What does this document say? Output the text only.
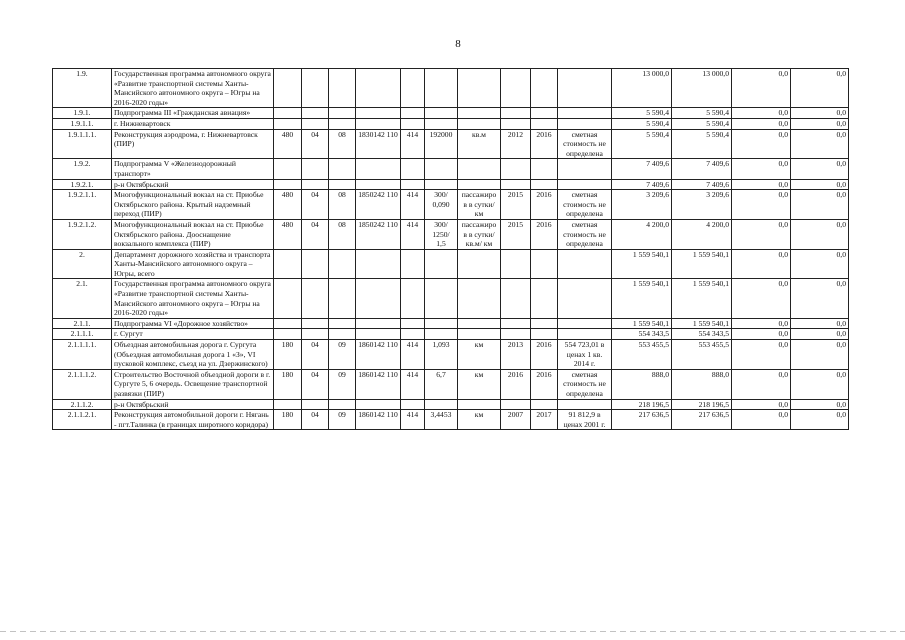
8
1.9.	Государственная программа автономного округа «Развитие транспортной системы Ханты-Мансийского автономного округа – Югры на 2016-2020 годы»											13 000,0	13 000,0	0,0	0,0
1.9.1.	Подпрограмма III «Гражданская авиация»											5 590,4	5 590,4	0,0	0,0
1.9.1.1.	г. Нижневартовск											5 590,4	5 590,4	0,0	0,0
1.9.1.1.1.	Реконструкция аэродрома, г. Нижневартовск (ПИР)	480	04	08	1830142 110	414	192000	кв.м	2012	2016	сметная стоимость не определена	5 590,4	5 590,4	0,0	0,0
1.9.2.	Подпрограмма V «Железнодорожный транспорт»											7 409,6	7 409,6	0,0	0,0
1.9.2.1.	р-н Октябрьский											7 409,6	7 409,6	0,0	0,0
1.9.2.1.1.	Многофункциональный вокзал на ст. Приобье Октябрьского района. Крытый надземный переход (ПИР)	480	04	08	1850242 110	414	300/ 0,090	пассажиро в в сутки/ км	2015	2016	сметная стоимость не определена	3 209,6	3 209,6	0,0	0,0
1.9.2.1.2.	Многофункциональный вокзал на ст. Приобье Октябрьского района. Дооснащение вокзального комплекса (ПИР)	480	04	08	1850242 110	414	300/ 1250/ 1,5	пассажиро в в сутки/ кв.м/ км	2015	2016	сметная стоимость не определена	4 200,0	4 200,0	0,0	0,0
2.	Департамент дорожного хозяйства и транспорта Ханты-Мансийского автономного округа – Югры, всего											1 559 540,1	1 559 540,1	0,0	0,0
2.1.	Государственная программа автономного округа «Развитие транспортной системы Ханты-Мансийского автономного округа – Югры на 2016-2020 годы»											1 559 540,1	1 559 540,1	0,0	0,0
2.1.1.	Подпрограмма VI «Дорожное хозяйство»											1 559 540,1	1 559 540,1	0,0	0,0
2.1.1.1.	г. Сургут											554 343,5	554 343,5	0,0	0,0
2.1.1.1.1.	Объездная автомобильная дорога г. Сургута (Объездная автомобильная дорога 1 «З», VI пусковой комплекс, съезд на ул. Дзержинского)	180	04	09	1860142 110	414	1,093	км	2013	2016	554 723,01 в ценах 1 кв. 2014 г.	553 455,5	553 455,5	0,0	0,0
2.1.1.1.2.	Строительство Восточной объездной дороги в г. Сургуте 5, 6 очередь. Освещение транспортной развязки (ПИР)	180	04	09	1860142 110	414	6,7	км	2016	2016	сметная стоимость не определена	888,0	888,0	0,0	0,0
2.1.1.2.	р-н Октябрьский											218 196,5	218 196,5	0,0	0,0
2.1.1.2.1.	Реконструкция автомобильной дороги г. Нягань - пгт.Талинка (в границах широтного коридора)	180	04	09	1860142 110	414	3,4453	км	2007	2017	91 812,9 в ценах 2001 г.	217 636,5	217 636,5	0,0	0,0
